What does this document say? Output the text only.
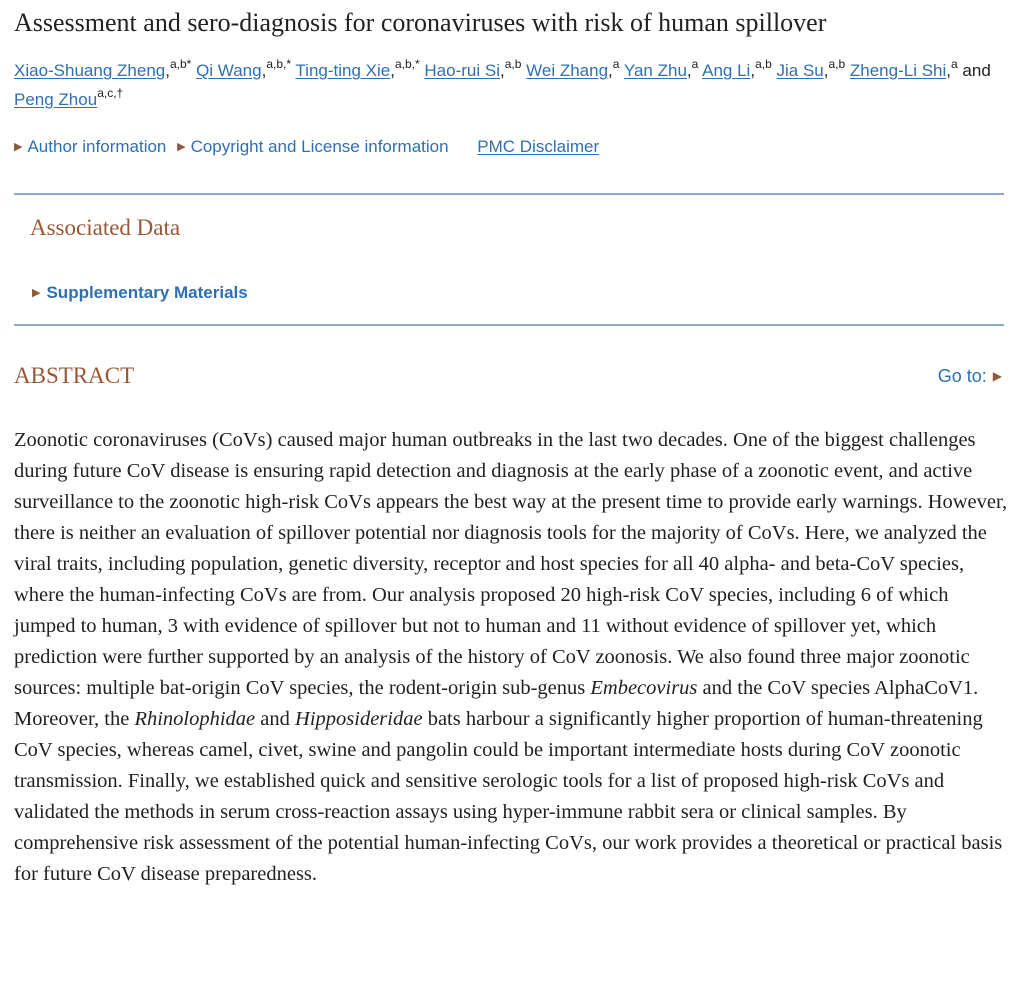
Assessment and sero-diagnosis for coronaviruses with risk of human spillover
Xiao-Shuang Zheng,$^{a,b*}$ Qi Wang,$^{a,b,*}$ Ting-ting Xie,$^{a,b,*}$ Hao-rui Si,$^{a,b}$ Wei Zhang,$^a$ Yan Zhu,$^a$ Ang Li,$^{a,b}$ Jia Su,$^{a,b}$ Zheng-Li Shi,$^a$ and Peng Zhou$^{a,c,\dagger}$
▶ Author information ▶ Copyright and License information PMC Disclaimer
Associated Data
▶ Supplementary Materials
ABSTRACT	Go to: ▶

Zoonotic coronaviruses (CoVs) caused major human outbreaks in the last two decades. One of the biggest challenges during future CoV disease is ensuring rapid detection and diagnosis at the early phase of a zoonotic event, and active surveillance to the zoonotic high-risk CoVs appears the best way at the present time to provide early warnings. However, there is neither an evaluation of spillover potential nor diagnosis tools for the majority of CoVs. Here, we analyzed the viral traits, including population, genetic diversity, receptor and host species for all 40 alpha- and beta-CoV species, where the human-infecting CoVs are from. Our analysis proposed 20 high-risk CoV species, including 6 of which jumped to human, 3 with evidence of spillover but not to human and 11 without evidence of spillover yet, which prediction were further supported by an analysis of the history of CoV zoonosis. We also found three major zoonotic sources: multiple bat-origin CoV species, the rodent-origin sub-genus Embecovirus and the CoV species AlphaCoV1. Moreover, the Rhinolophidae and Hipposideridae bats harbour a significantly higher proportion of human-threatening CoV species, whereas camel, civet, swine and pangolin could be important intermediate hosts during CoV zoonotic transmission. Finally, we established quick and sensitive serologic tools for a list of proposed high-risk CoVs and validated the methods in serum cross-reaction assays using hyper-immune rabbit sera or clinical samples. By comprehensive risk assessment of the potential human-infecting CoVs, our work provides a theoretical or practical basis for future CoV disease preparedness.
